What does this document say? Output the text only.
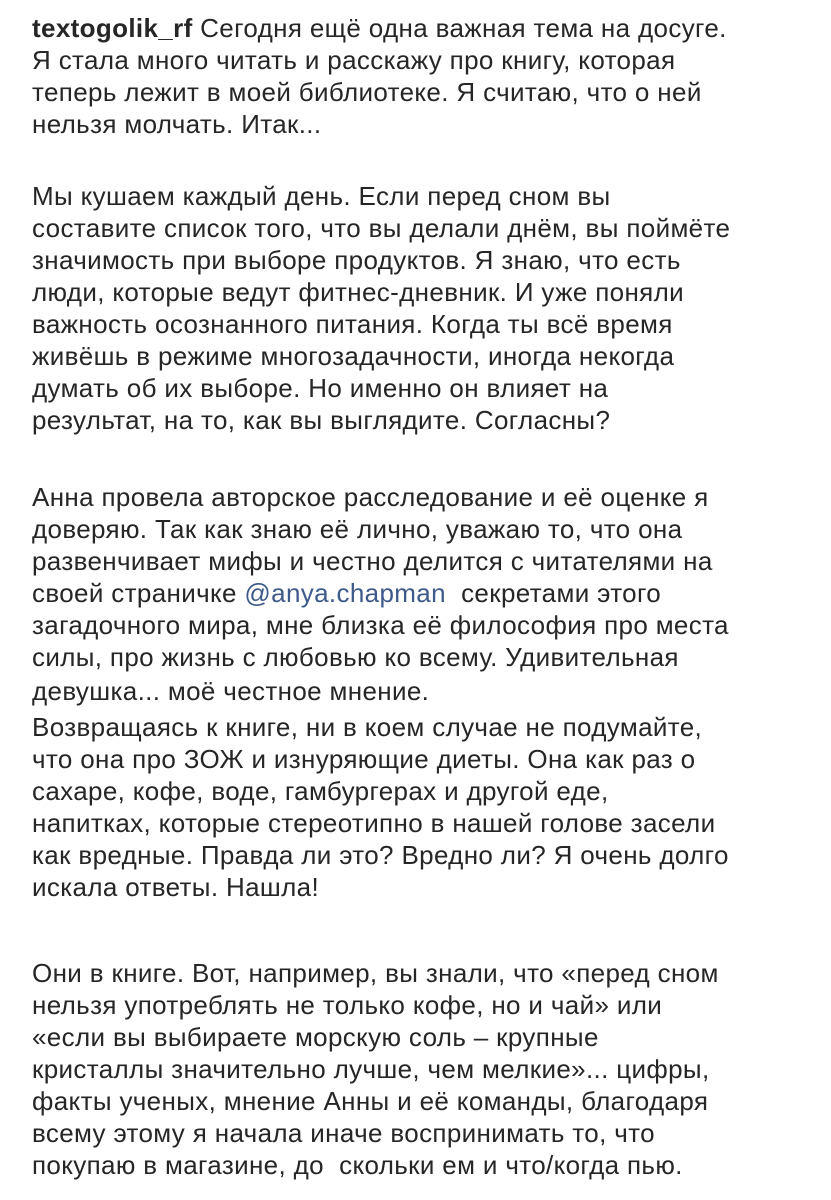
textogolik_rf Сегодня ещё одна важная тема на досуге.
Я стала много читать и расскажу про книгу, которая
теперь лежит в моей библиотеке. Я считаю, что о ней
нельзя молчать. Итак...
Мы кушаем каждый день. Если перед сном вы
составите список того, что вы делали днём, вы поймёте
значимость при выборе продуктов. Я знаю, что есть
люди, которые ведут фитнес-дневник. И уже поняли
важность осознанного питания. Когда ты всё время
живёшь в режиме многозадачности, иногда некогда
думать об их выборе. Но именно он влияет на
результат, на то, как вы выглядите. Согласны?
Анна провела авторское расследование и её оценке я
доверяю. Так как знаю её лично, уважаю то, что она
развенчивает мифы и честно делится с читателями на
своей страничке @anya.chapman  секретами этого
загадочного мира, мне близка её философия про места
силы, про жизнь с любовью ко всему. Удивительная
девушка... моё честное мнение.
Возвращаясь к книге, ни в коем случае не подумайте,
что она про ЗОЖ и изнуряющие диеты. Она как раз о
сахаре, кофе, воде, гамбургерах и другой еде,
напитках, которые стереотипно в нашей голове засели
как вредные. Правда ли это? Вредно ли? Я очень долго
искала ответы. Нашла!
Они в книге. Вот, например, вы знали, что «перед сном
нельзя употреблять не только кофе, но и чай» или
«если вы выбираете морскую соль – крупные
кристаллы значительно лучше, чем мелкие»... цифры,
факты ученых, мнение Анны и её команды, благодаря
всему этому я начала иначе воспринимать то, что
покупаю в магазине, до  скольки ем и что/когда пью.
